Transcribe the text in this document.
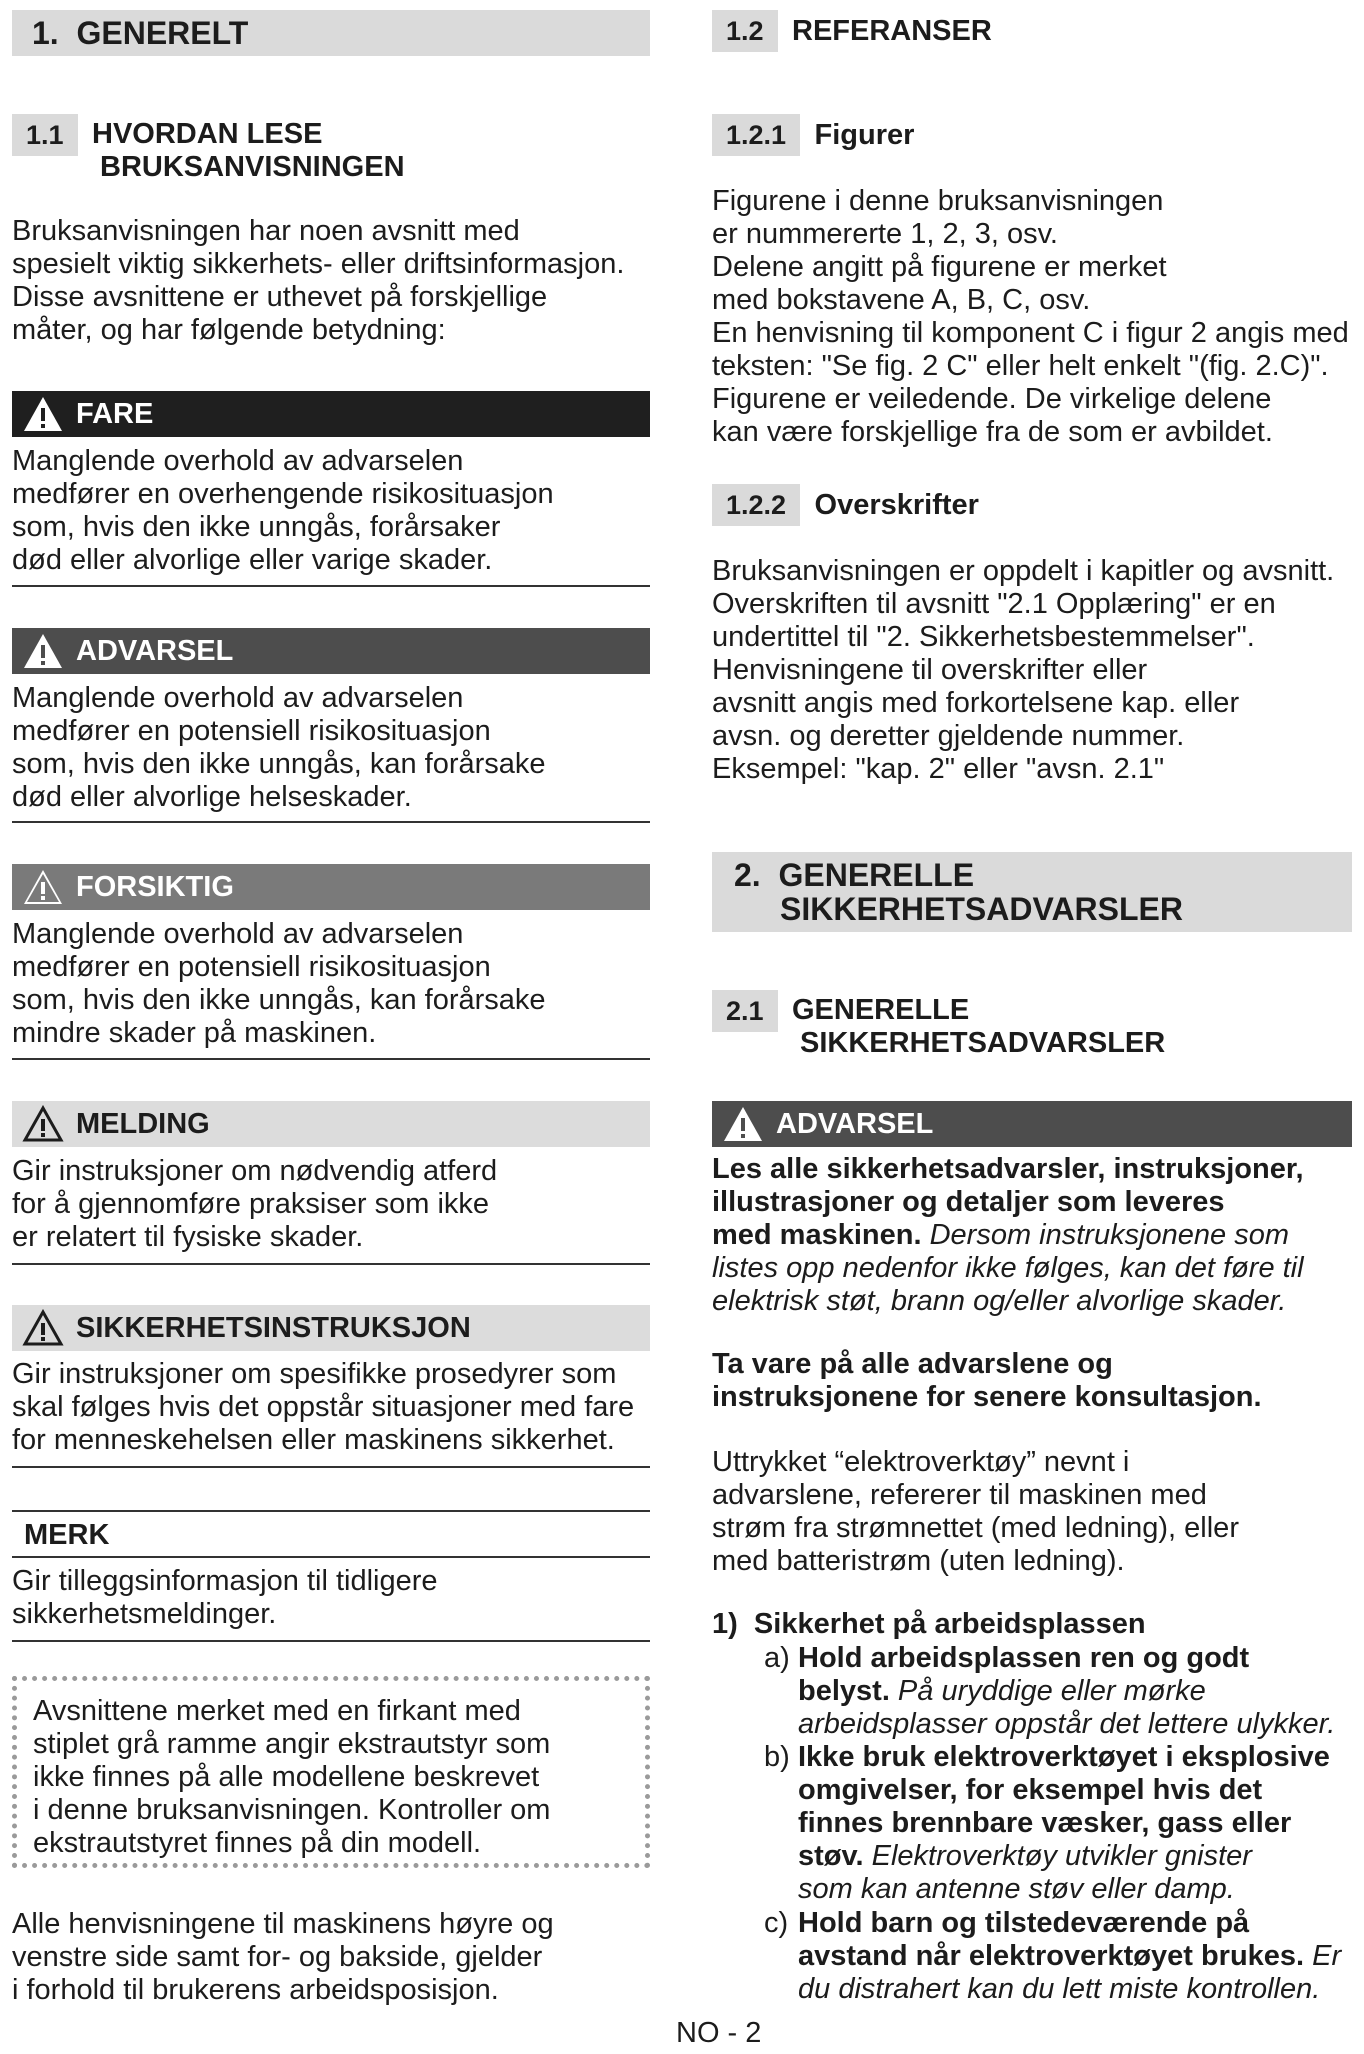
1. GENERELT
1.1 HVORDAN LESE
BRUKSANVISNINGEN

Bruksanvisningen har noen avsnitt med

spesielt viktig sikkerhets- eller driftsinformasjon.

Disse avsnittene er uthevet på forskjellige

måter, og har følgende betydning:

FARE

Manglende overhold av advarselen

medfører en overhengende risikosituasjon

som, hvis den ikke unngås, forårsaker

død eller alvorlige eller varige skader.

ADVARSEL

Manglende overhold av advarselen

medfører en potensiell risikosituasjon

som, hvis den ikke unngås, kan forårsake

død eller alvorlige helseskader.

FORSIKTIG

Manglende overhold av advarselen

medfører en potensiell risikosituasjon

som, hvis den ikke unngås, kan forårsake

mindre skader på maskinen.

MELDING

Gir instruksjoner om nødvendig atferd

for å gjennomføre praksiser som ikke

er relatert til fysiske skader.

SIKKERHETSINSTRUKSJON

Gir instruksjoner om spesifikke prosedyrer som

skal følges hvis det oppstår situasjoner med fare

for menneskehelsen eller maskinens sikkerhet.

MERK

Gir tilleggsinformasjon til tidligere

sikkerhetsmeldinger.

Avsnittene merket med en firkant med

stiplet grå ramme angir ekstrautstyr som

ikke finnes på alle modellene beskrevet

i denne bruksanvisningen. Kontroller om

ekstrautstyret finnes på din modell.

Alle henvisningene til maskinens høyre og

venstre side samt for- og bakside, gjelder

i forhold til brukerens arbeidsposisjon.

1.2 REFERANSER
1.2.1 Figurer

Figurene i denne bruksanvisningen

er nummererte 1, 2, 3, osv.

Delene angitt på figurene er merket

med bokstavene A, B, C, osv.

En henvisning til komponent C i figur 2 angis med

teksten: "Se fig. 2 C" eller helt enkelt "(fig. 2.C)".

Figurene er veiledende. De virkelige delene

kan være forskjellige fra de som er avbildet.

1.2.2 Overskrifter

Bruksanvisningen er oppdelt i kapitler og avsnitt.

Overskriften til avsnitt "2.1 Opplæring" er en

undertittel til "2. Sikkerhetsbestemmelser".

Henvisningene til overskrifter eller

avsnitt angis med forkortelsene kap. eller

avsn. og deretter gjeldende nummer.

Eksempel: "kap. 2" eller "avsn. 2.1"

2. GENERELLE
SIKKERHETSADVARSLER
2.1 GENERELLE
SIKKERHETSADVARSLER
ADVARSEL

Les alle sikkerhetsadvarsler, instruksjoner,

illustrasjoner og detaljer som leveres

med maskinen. Dersom instruksjonene som

listes opp nedenfor ikke følges, kan det føre til

elektrisk støt, brann og/eller alvorlige skader.

Ta vare på alle advarslene og

instruksjonene for senere konsultasjon.

Uttrykket “elektroverktøy” nevnt i

advarslene, refererer til maskinen med

strøm fra strømnettet (med ledning), eller

med batteristrøm (uten ledning).

1) Sikkerhet på arbeidsplassen
a) Hold arbeidsplassen ren og godt
belyst. På uryddige eller mørke
arbeidsplasser oppstår det lettere ulykker.
b) Ikke bruk elektroverktøyet i eksplosive
omgivelser, for eksempel hvis det
finnes brennbare væsker, gass eller
støv. Elektroverktøy utvikler gnister
som kan antenne støv eller damp.
c) Hold barn og tilstedeværende på
avstand når elektroverktøyet brukes. Er
du distrahert kan du lett miste kontrollen.
NO - 2
